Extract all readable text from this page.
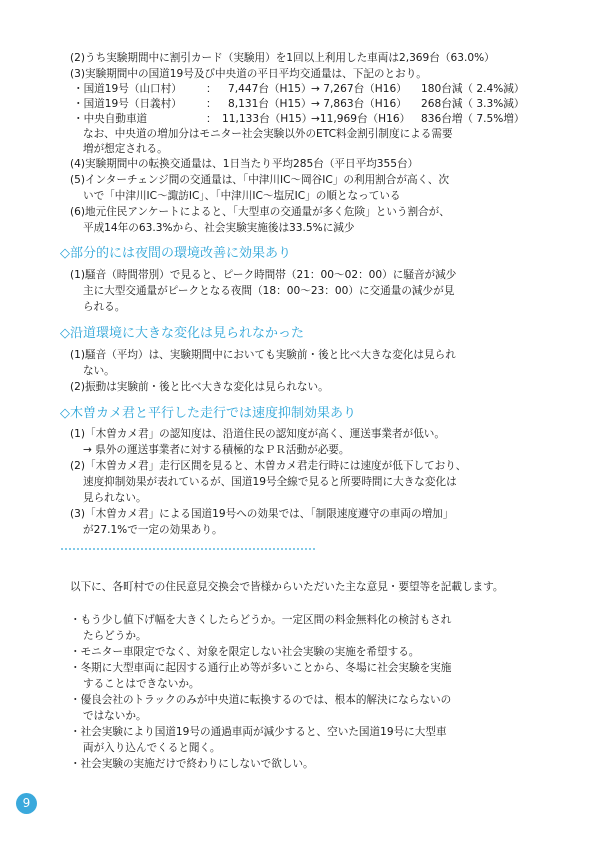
(2)うち実験期間中に割引カード（実験用）を1回以上利用した車両は2,369台（63.0%）
(3)実験期間中の国道19号及び中央道の平日平均交通量は、下記のとおり。
・国道19号（山口村） ： 7,447台（H15） → 7,267台（H16） 180台減（ 2.4%減）
・国道19号（日義村） ： 8,131台（H15） → 7,863台（H16） 268台減（ 3.3%減）
・中央自動車道	： 11,133台（H15）
→11,969台（H16） 836台増（ 7.5%増）
なお、中央道の増加分はモニター社会実験以外のETC料金割引制度による需要
増が想定される。
(4)実験期間中の転換交通量は、1日当たり平均285台（平日平均355台）
(5)インターチェンジ間の交通量は、「中津川IC～岡谷IC」の利用割合が高く、次
いで「中津川IC～諏訪IC」、「中津川IC～塩尻IC」の順となっている
(6)地元住民アンケートによると、「大型車の交通量が多く危険」という割合が、
平成14年の63.3%から、社会実験実施後は33.5%に減少
◇部分的には夜間の環境改善に効果あり
(1)騒音（時間帯別）で見ると、ピーク時間帯（21：00～02：00）に騒音が減少
主に大型交通量がピークとなる夜間（18：00～23：00）に交通量の減少が見
られる。
◇沿道環境に大きな変化は見られなかった
(1)騒音（平均）は、実験期間中においても実験前・後と比べ大きな変化は見られ
ない。
(2)振動は実験前・後と比べ大きな変化は見られない。
◇木曽カメ君と平行した走行では速度抑制効果あり
(1)「木曽カメ君」の認知度は、沿道住民の認知度が高く、運送事業者が低い。
→ 県外の運送事業者に対する積極的なＰＲ活動が必要。
(2)「木曽カメ君」走行区間を見ると、木曽カメ君走行時には速度が低下しており、
速度抑制効果が表れているが、国道19号全線で見ると所要時間に大きな変化は
見られない。
(3)「木曽カメ君」による国道19号への効果では、「制限速度遵守の車両の増加」
が27.1%で一定の効果あり。
以下に、各町村での住民意見交換会で皆様からいただいた主な意見・要望等を記載します。
・もう少し値下げ幅を大きくしたらどうか。一定区間の料金無料化の検討もされ
たらどうか。
・モニター車限定でなく、対象を限定しない社会実験の実施を希望する。
・冬期に大型車両に起因する通行止め等が多いことから、冬場に社会実験を実施
することはできないか。
・優良会社のトラックのみが中央道に転換するのでは、根本的解決にならないの
ではないか。
・社会実験により国道19号の通過車両が減少すると、空いた国道19号に大型車
両が入り込んでくると聞く。
・社会実験の実施だけで終わりにしないで欲しい。
9
